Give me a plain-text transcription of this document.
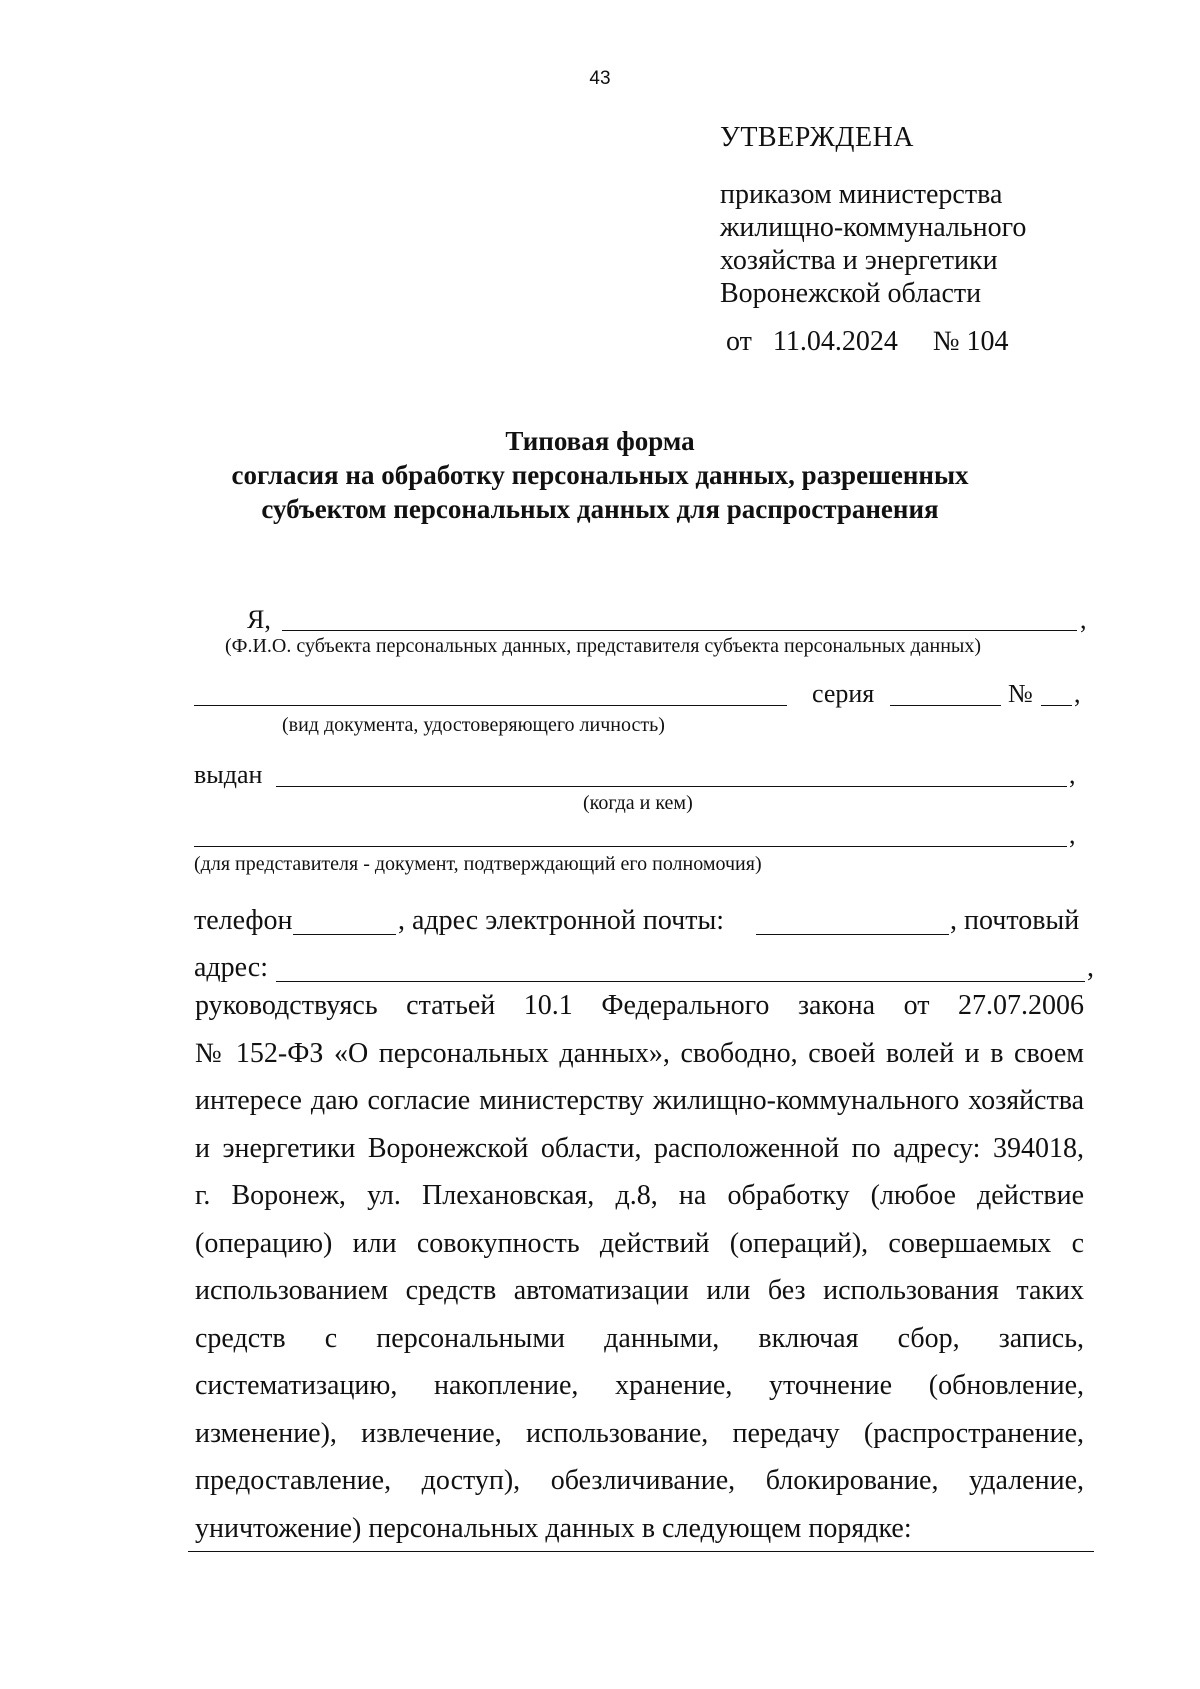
43
УТВЕРЖДЕНА
приказом министерства
жилищно-коммунального
хозяйства и энергетики
Воронежской области
от 11.04.2024 № 104
Типовая форма
согласия на обработку персональных данных, разрешенных
субъектом персональных данных для распространения
Я,	,
(Ф.И.О. субъекта персональных данных, представителя субъекта персональных данных)
серия	№ ,
(вид документа, удостоверяющего личность)
выдан	,
(когда и кем)
,
(для представителя - документ, подтверждающий его полномочия)
телефон	, адрес электронной почты:	, почтовый
адрес:	,
руководствуясь статьей 10.1 Федерального закона от 27.07.2006
№ 152-ФЗ «О персональных данных», свободно, своей волей и в своем
интересе даю согласие министерству жилищно-коммунального хозяйства
и энергетики Воронежской области, расположенной по адресу: 394018,
г. Воронеж, ул. Плехановская, д.8, на обработку (любое действие
(операцию) или совокупность действий (операций), совершаемых с
использованием средств автоматизации или без использования таких
средств с персональными данными, включая сбор, запись,
систематизацию, накопление, хранение, уточнение (обновление,
изменение), извлечение, использование, передачу (распространение,
предоставление, доступ), обезличивание, блокирование, удаление,
уничтожение) персональных данных в следующем порядке:
